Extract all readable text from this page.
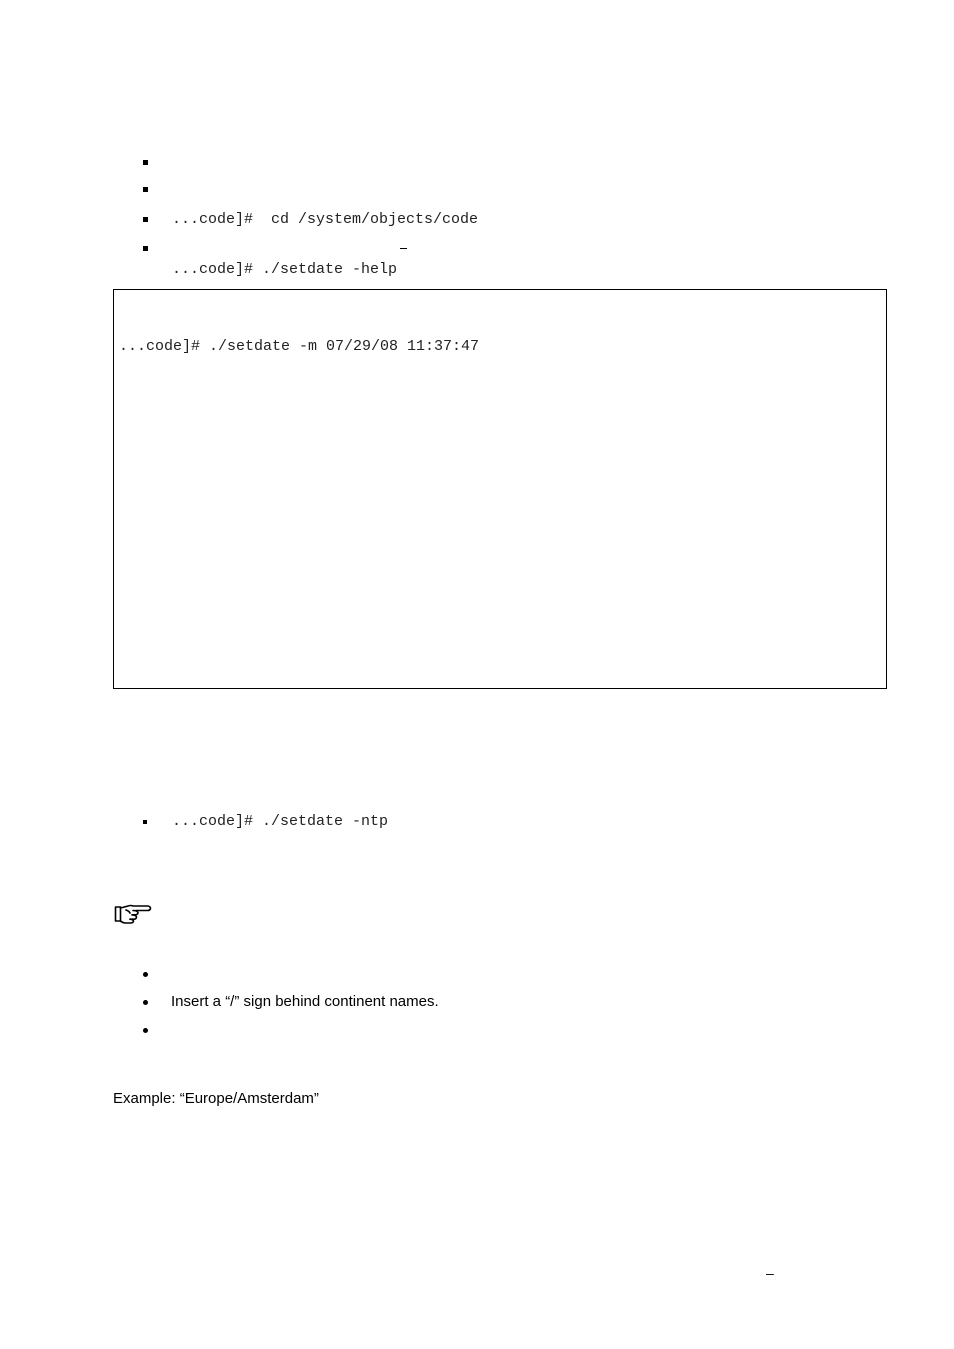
...code]#  cd /system/objects/code
...code]# ./setdate -help
...code]# ./setdate -m 07/29/08 11:37:47
...code]# ./setdate -ntp
Insert a “/” sign behind continent names.
Example: “Europe/Amsterdam”
–
